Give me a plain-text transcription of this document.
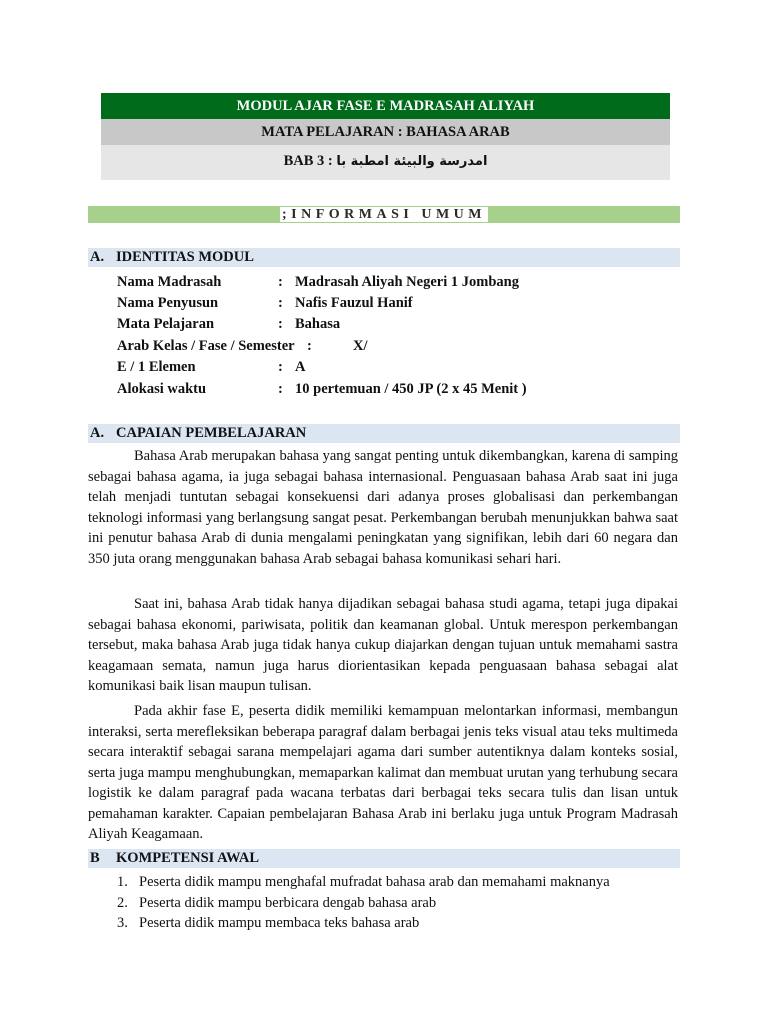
MODUL AJAR FASE E MADRASAH ALIYAH
MATA PELAJARAN : BAHASA ARAB
BAB 3 : امدرسة والبيئة امطبة با
;INFORMASI UMUM
A. IDENTITAS MODUL
Nama Madrasah	: Madrasah Aliyah Negeri 1 Jombang
Nama Penyusun	: Nafis Fauzul Hanif
Mata Pelajaran	: Bahasa
Arab Kelas / Fase / Semester :	X/
E / 1 Elemen	: A
Alokasi waktu	: 10 pertemuan / 450 JP (2 x 45 Menit )
A. CAPAIAN PEMBELAJARAN

Bahasa Arab merupakan bahasa yang sangat penting untuk dikembangkan, karena di samping sebagai bahasa agama, ia juga sebagai bahasa internasional. Penguasaan bahasa Arab saat ini juga telah menjadi tuntutan sebagai konsekuensi dari adanya proses globalisasi dan perkembangan teknologi informasi yang berlangsung sangat pesat. Perkembangan berubah menunjukkan bahwa saat ini penutur bahasa Arab di dunia mengalami peningkatan yang signifikan, lebih dari 60 negara dan 350 juta orang menggunakan bahasa Arab sebagai bahasa komunikasi sehari hari.

Saat ini, bahasa Arab tidak hanya dijadikan sebagai bahasa studi agama, tetapi juga dipakai sebagai bahasa ekonomi, pariwisata, politik dan keamanan global. Untuk merespon perkembangan tersebut, maka bahasa Arab juga tidak hanya cukup diajarkan dengan tujuan untuk memahami sastra keagamaan semata, namun juga harus diorientasikan kepada penguasaan bahasa sebagai alat komunikasi baik lisan maupun tulisan.

Pada akhir fase E, peserta didik memiliki kemampuan melontarkan informasi, membangun interaksi, serta merefleksikan beberapa paragraf dalam berbagai jenis teks visual atau teks multimeda secara interaktif sebagai sarana mempelajari agama dari sumber autentiknya dalam konteks sosial, serta juga mampu menghubungkan, memaparkan kalimat dan membuat urutan yang terhubung secara logistik ke dalam paragraf pada wacana terbatas dari berbagai teks secara tulis dan lisan untuk pemahaman karakter. Capaian pembelajaran Bahasa Arab ini berlaku juga untuk Program Madrasah Aliyah Keagamaan.

B KOMPETENSI AWAL
1. Peserta didik mampu menghafal mufradat bahasa arab dan memahami maknanya
2. Peserta didik mampu berbicara dengab bahasa arab
3. Peserta didik mampu membaca teks bahasa arab
